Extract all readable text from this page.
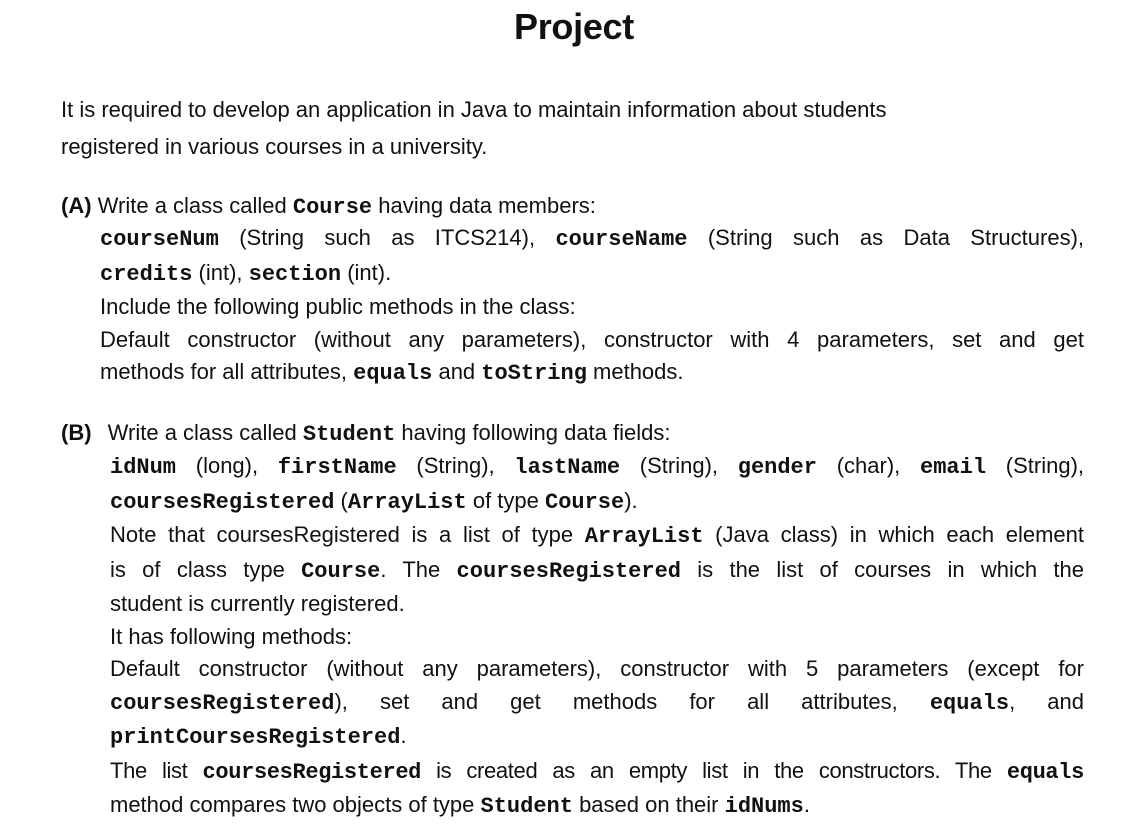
Project
It is required to develop an application in Java to maintain information about students
registered in various courses in a university.
(A) Write a class called Course having data members:
courseNum (String such as ITCS214), courseName (String such as Data Structures),
credits (int), section (int).
Include the following public methods in the class:
Default constructor (without any parameters), constructor with 4 parameters, set and get
methods for all attributes, equals and toString methods.
(B) Write a class called Student having following data fields:
idNum (long), firstName (String), lastName (String), gender (char), email (String),
coursesRegistered (ArrayList of type Course).
Note that coursesRegistered is a list of type ArrayList (Java class) in which each element
is of class type Course. The coursesRegistered is the list of courses in which the
student is currently registered.
It has following methods:
Default constructor (without any parameters), constructor with 5 parameters (except for
coursesRegistered), set and get methods for all attributes, equals, and
printCoursesRegistered.
The list coursesRegistered is created as an empty list in the constructors. The equals
method compares two objects of type Student based on their idNums.
